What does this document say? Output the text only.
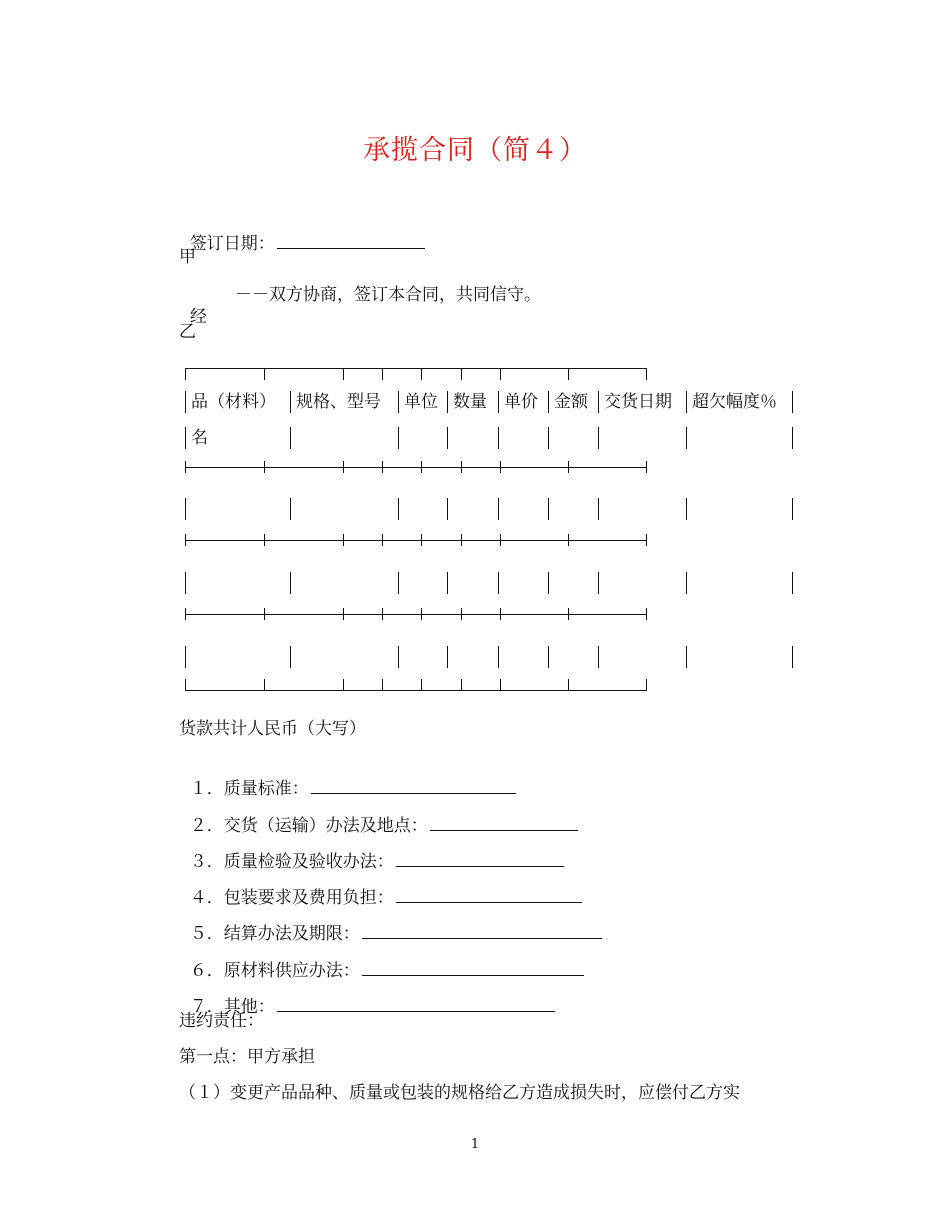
承揽合同（简４）

签订日期：

甲

经
－－双方协商，签订本合同，共同信守。

乙
品（材料） 规格、型号 单位 数量 单价 金额 交货日期 超欠幅度％
名
货款共计人民币（大写）

１．质量标准：

２．交货（运输）办法及地点：

３．质量检验及验收办法：

４．包装要求及费用负担：

５．结算办法及期限：

６．原材料供应办法：

７．其他：

违约责任：
第一点：甲方承担
（１）变更产品品种、质量或包装的规格给乙方造成损失时，应偿付乙方实
1
